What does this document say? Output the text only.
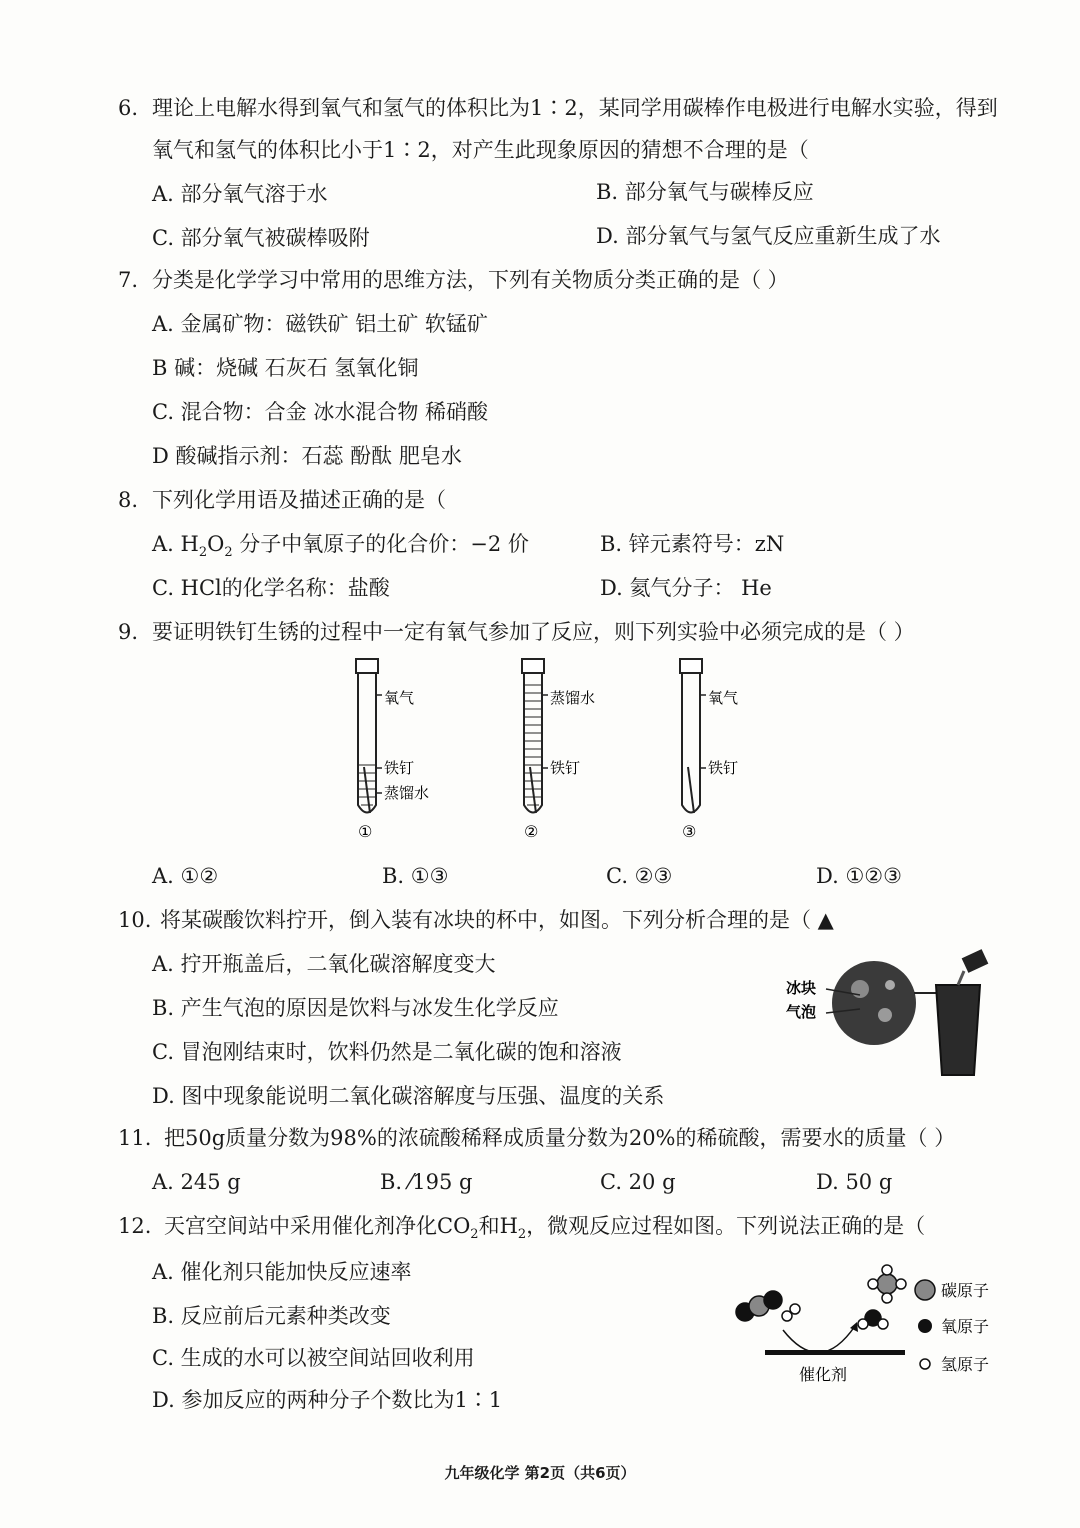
6. 理论上电解水得到氧气和氢气的体积比为1∶2，某同学用碳棒作电极进行电解水实验，得到
氧气和氢气的体积比小于1∶2，对产生此现象原因的猜想不合理的是（
A. 部分氧气溶于水	B. 部分氧气与碳棒反应
C. 部分氧气被碳棒吸附	D. 部分氧气与氢气反应重新生成了水
7. 分类是化学学习中常用的思维方法，下列有关物质分类正确的是（ ）
A. 金属矿物：磁铁矿 铝土矿 软锰矿
B 碱：烧碱 石灰石 氢氧化铜
C. 混合物：合金 冰水混合物 稀硝酸
D 酸碱指示剂：石蕊 酚酞 肥皂水
8. 下列化学用语及描述正确的是（
A. $H_2O_2$ 分子中氧原子的化合价：−2 价	B. 锌元素符号：zN
C. HCl的化学名称：盐酸	D. 氦气分子： He
9. 要证明铁钉生锈的过程中一定有氧气参加了反应，则下列实验中必须完成的是（ ）
氧气
铁钉
蒸馏水
①
蒸馏水
铁钉
②
氧气
铁钉
③
A. ①②	B. ①③	C. ②③	D. ①②③
10. 将某碳酸饮料拧开，倒入装有冰块的杯中，如图。下列分析合理的是（ ▲
A. 拧开瓶盖后，二氧化碳溶解度变大
B. 产生气泡的原因是饮料与冰发生化学反应
C. 冒泡刚结束时，饮料仍然是二氧化碳的饱和溶液
D. 图中现象能说明二氧化碳溶解度与压强、温度的关系
冰块
气泡
11. 把50g质量分数为98%的浓硫酸稀释成质量分数为20%的稀硫酸，需要水的质量（ ）
A. 245 g	B. ⁄195 g	C. 20 g	D. 50 g
12. 天宫空间站中采用催化剂净化$CO_2$和$H_2$，微观反应过程如图。下列说法正确的是（
A. 催化剂只能加快反应速率
B. 反应前后元素种类改变
C. 生成的水可以被空间站回收利用
D. 参加反应的两种分子个数比为1∶1
催化剂
碳原子
氧原子
氢原子
九年级化学 第2页（共6页）
